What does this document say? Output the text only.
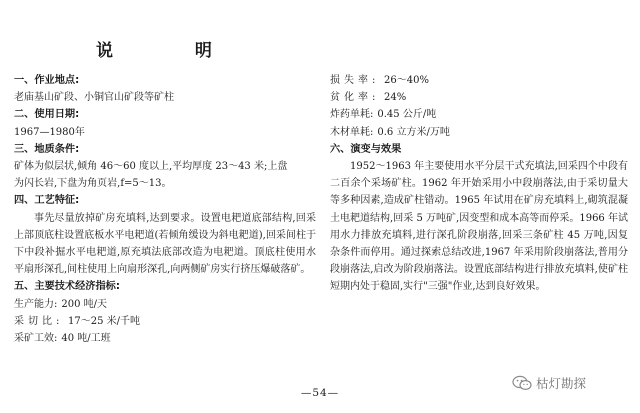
说 明
一、作业地点:
老庙基山矿段、小铜官山矿段等矿柱
二、使用日期:
1967—1980年
三、地质条件:
矿体为似层状,倾角 46～60 度以上,平均厚度 23～43 米;上盘
为闪长岩,下盘为角页岩,f=5～13。
四、工艺特征:

事先尽量放掉矿房充填料,达到要求。设置电耙道底部结构,回采上部顶底柱设置底板水平电耙道(若倾角缓设为斜电耙道),回采间柱于下中段补掘水平电耙道,原充填法底部改造为电耙道。顶底柱使用水平扇形深孔,间柱使用上向扇形深孔,向两侧矿房实行挤压爆破落矿。

五、主要技术经济指标:
生产能力: 200 吨/天
采切比: 17～25 米/千吨
采矿工效: 40 吨/工班
损失率: 26～40%
贫化率: 24%
炸药单耗: 0.45 公斤/吨
木材单耗: 0.6 立方米/万吨
六、演变与效果

1952～1963 年主要使用水平分层干式充填法,回采四个中段有二百余个采场矿柱。1962 年开始采用小中段崩落法,由于采切量大等多种因素,造成矿柱错动。1965 年试用在矿房充填料上,砌筑混凝土电耙道结构,回采 5 万吨矿,因变型和成本高等而停采。1966 年试用水力排放充填料,进行深孔阶段崩落,回采三条矿柱 45 万吨,因复杂条件而停用。通过探索总结改进,1967 年采用阶段崩落法,普用分段崩落法,启改为阶段崩落法。设置底部结构进行排放充填料,使矿柱短期内处于稳固,实行"三强"作业,达到良好效果。

—54—
枯灯勘探
